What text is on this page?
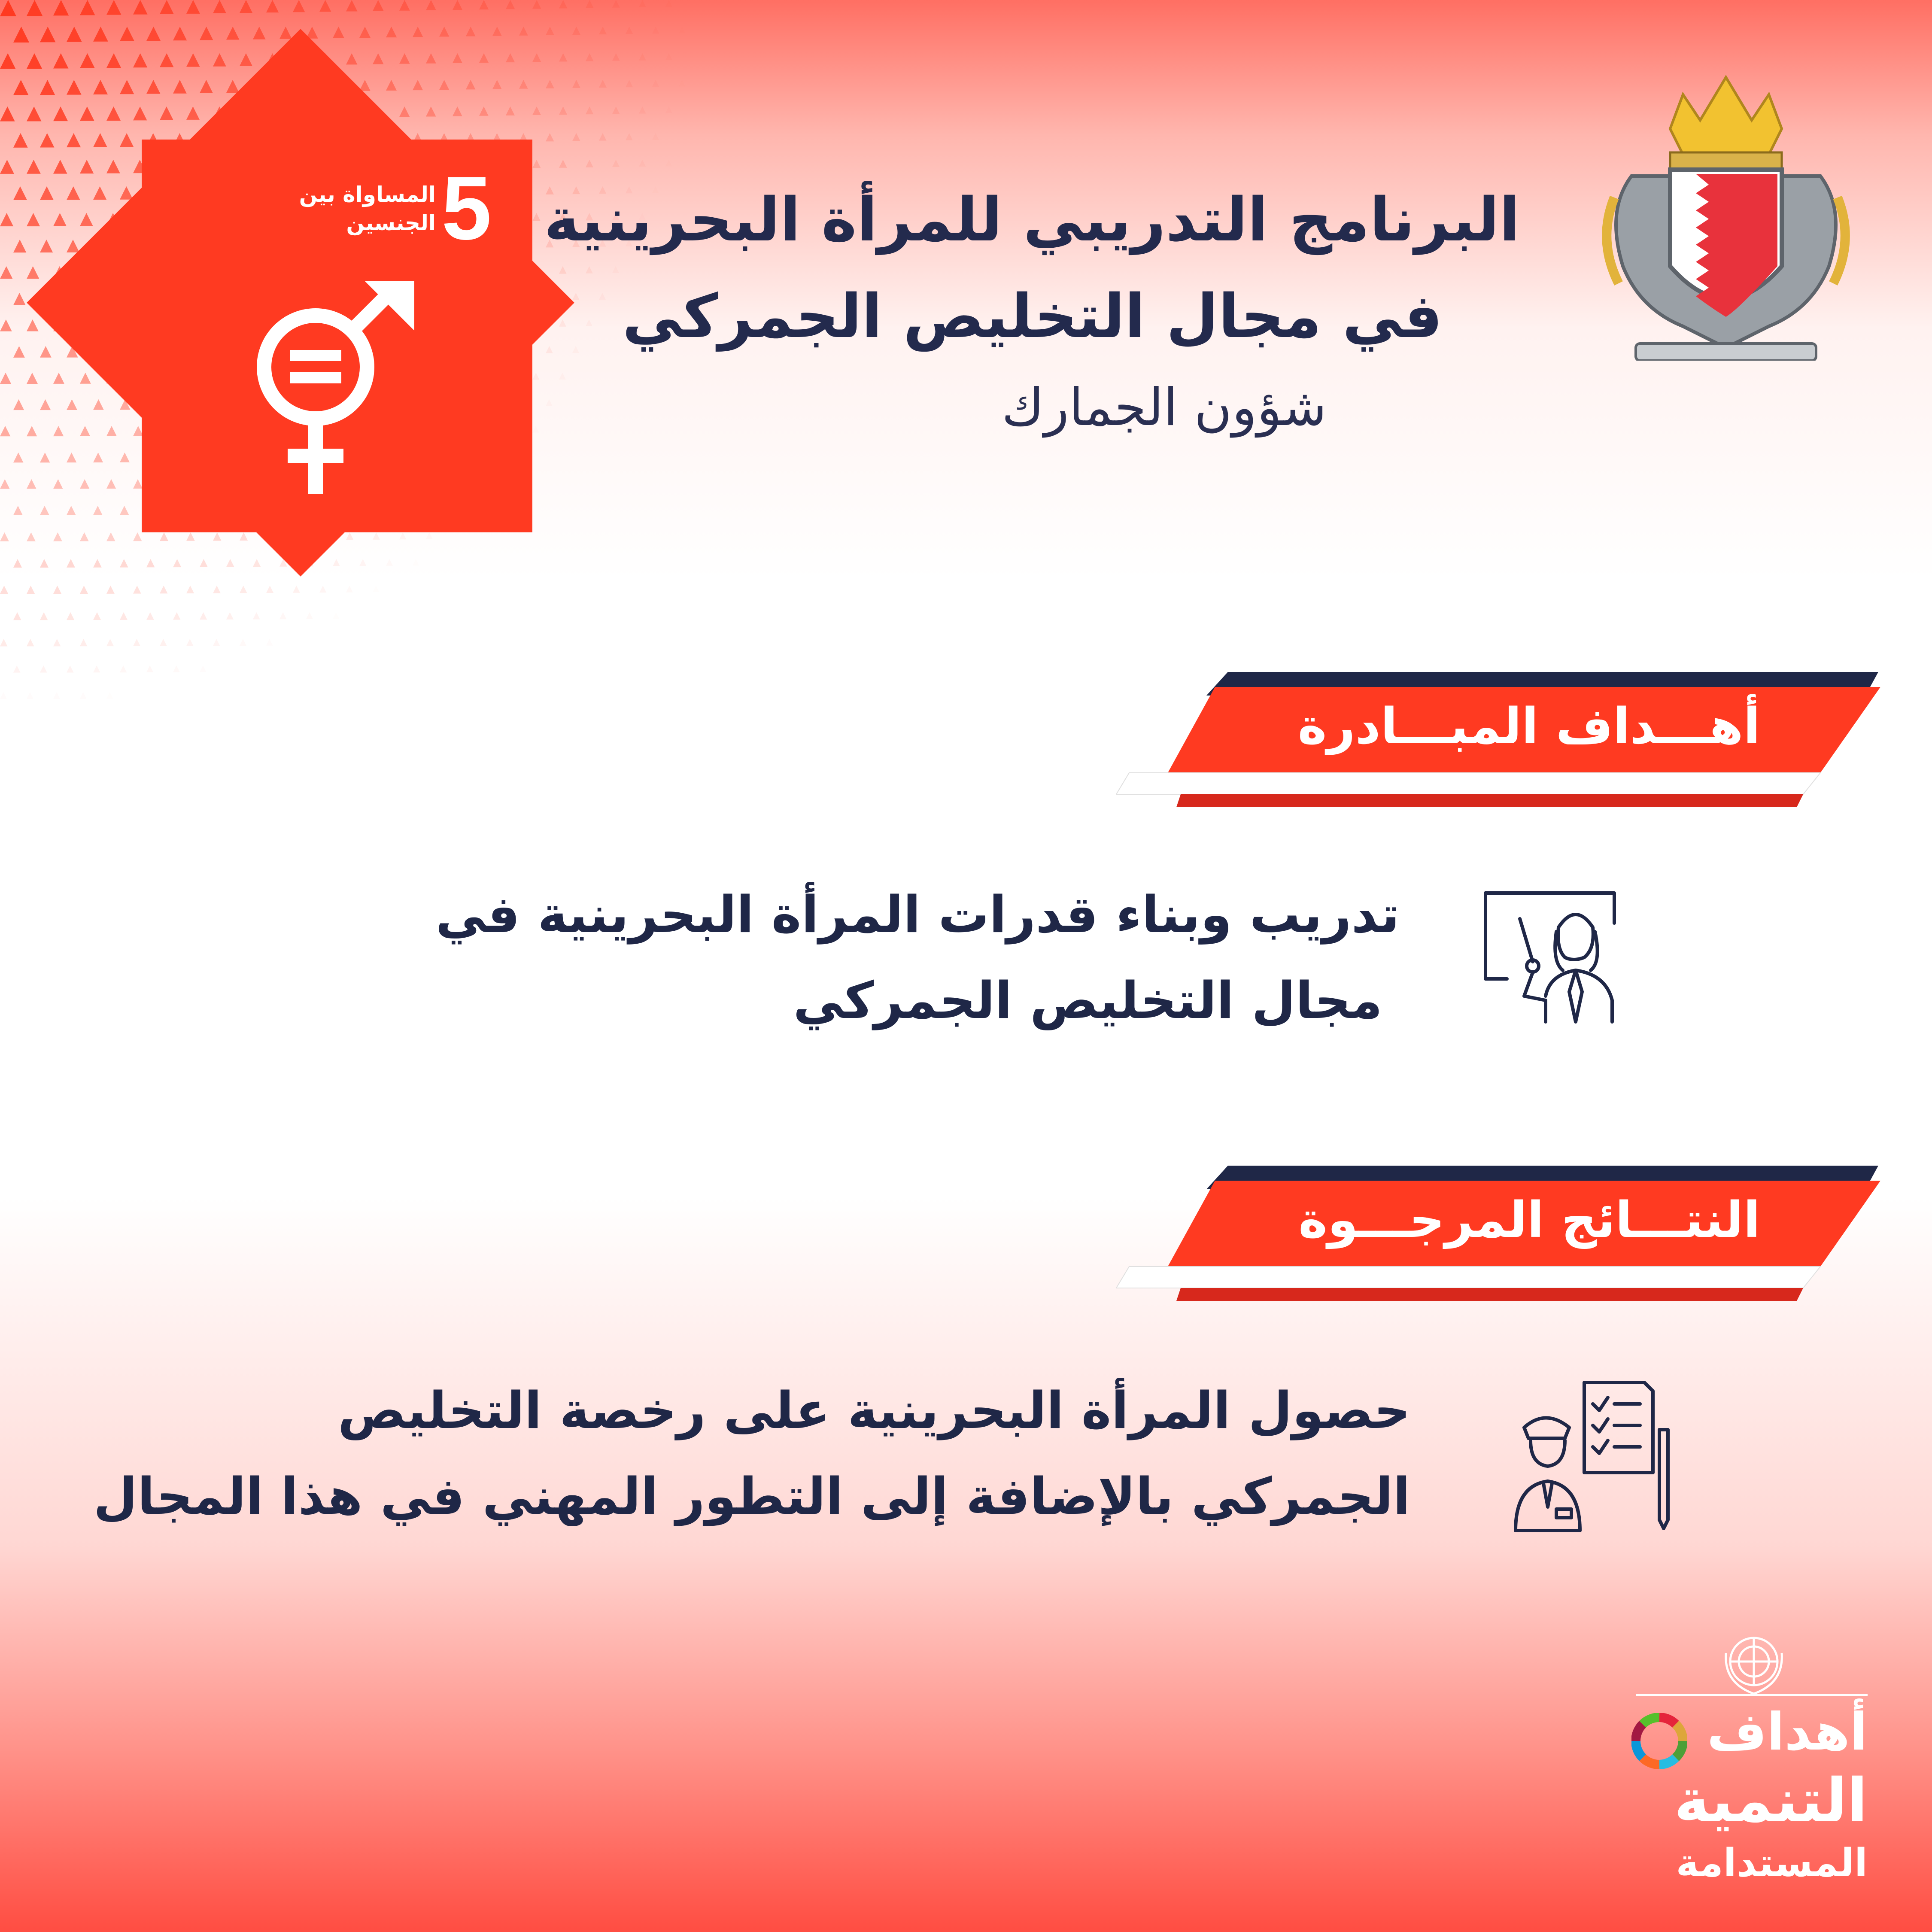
5
المساواة بين
الجنسين	البرنامج التدريبي للمرأة البحرينية
في مجال التخليص الجمركي
شؤون الجمارك
أهـــداف المبـــادرة
تدريب وبناء قدرات المرأة البحرينية في
مجال التخليص الجمركي
النتـــائج المرجـــوة
حصول المرأة البحرينية على رخصة التخليص
الجمركي بالإضافة إلى التطور المهني في هذا المجال
أهداف
التنمية
المستدامة
